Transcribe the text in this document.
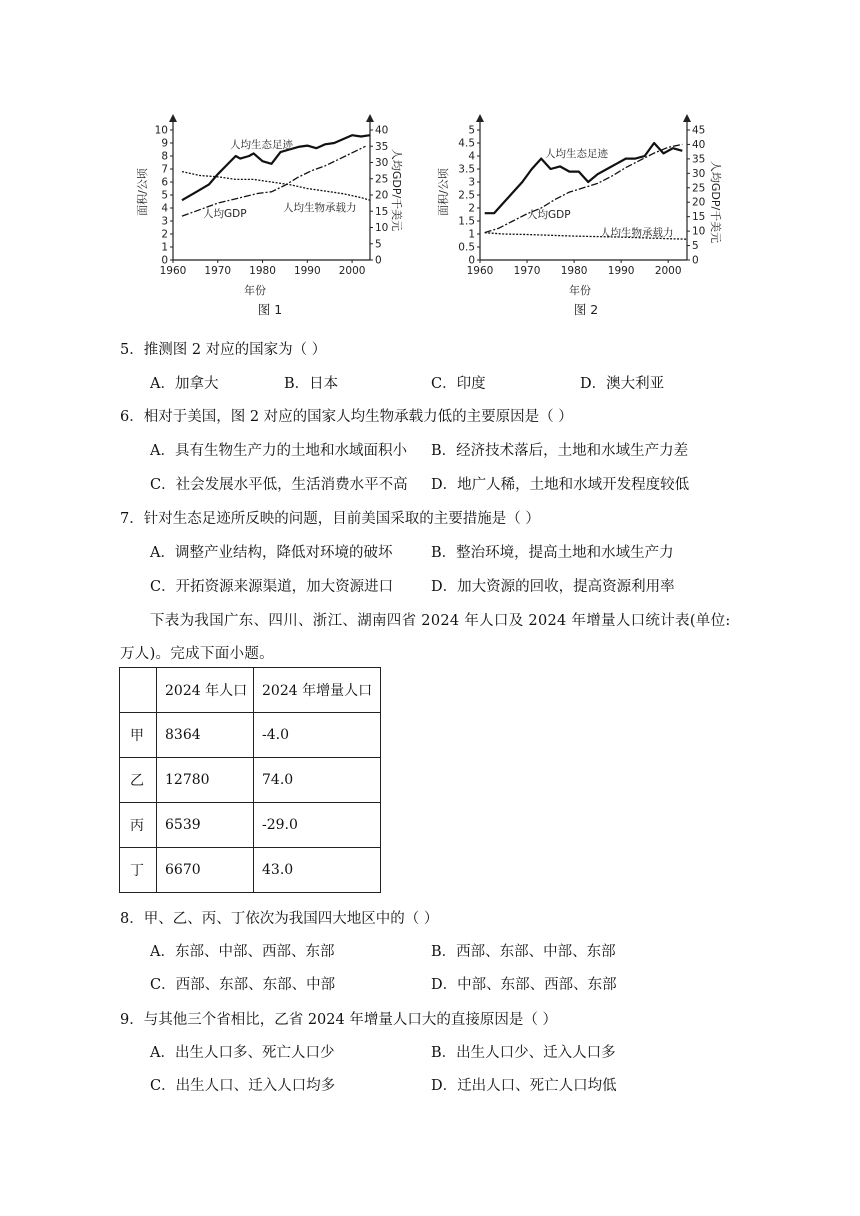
0
1
2
3
4
5
6
7
8
9
10
0
5
10
15
20
25
30
35
40
1960 1970 1980 1990 2000
面积/公顷	人均GDP/千美元
年份
人均生态足迹
人均GDP	人均生物承载力
图 1
0
0.5
1
1.5
2
2.5
3
3.5
4
4.5
5
0
5
10
15
20
25
30
35
40
45
1960 1970 1980 1990 2000
面积/公顷	人均GDP/千美元
年份
人均生态足迹
人均GDP
人均生物承载力
图 2
5．推测图 2 对应的国家为（ ）
A．加拿大	B．日本	C．印度	D．澳大利亚
6．相对于美国，图 2 对应的国家人均生物承载力低的主要原因是（ ）
A．具有生物生产力的土地和水域面积小 B．经济技术落后，土地和水域生产力差
C．社会发展水平低，生活消费水平不高 D．地广人稀，土地和水域开发程度较低
7．针对生态足迹所反映的问题，目前美国采取的主要措施是（ ）
A．调整产业结构，降低对环境的破坏	B．整治环境，提高土地和水域生产力
C．开拓资源来源渠道，加大资源进口	D．加大资源的回收，提高资源利用率
下表为我国广东、四川、浙江、湖南四省 2024 年人口及 2024 年增量人口统计表(单位:
万人)。完成下面小题。
	2024 年人口	2024 年增量人口
甲	8364	-4.0
乙	12780	74.0
丙	6539	-29.0
丁	6670	43.0
8．甲、乙、丙、丁依次为我国四大地区中的（ ）
A．东部、中部、西部、东部	B．西部、东部、中部、东部
C．西部、东部、东部、中部	D．中部、东部、西部、东部
9．与其他三个省相比，乙省 2024 年增量人口大的直接原因是（ ）
A．出生人口多、死亡人口少	B．出生人口少、迁入人口多
C．出生人口、迁入人口均多	D．迁出人口、死亡人口均低
